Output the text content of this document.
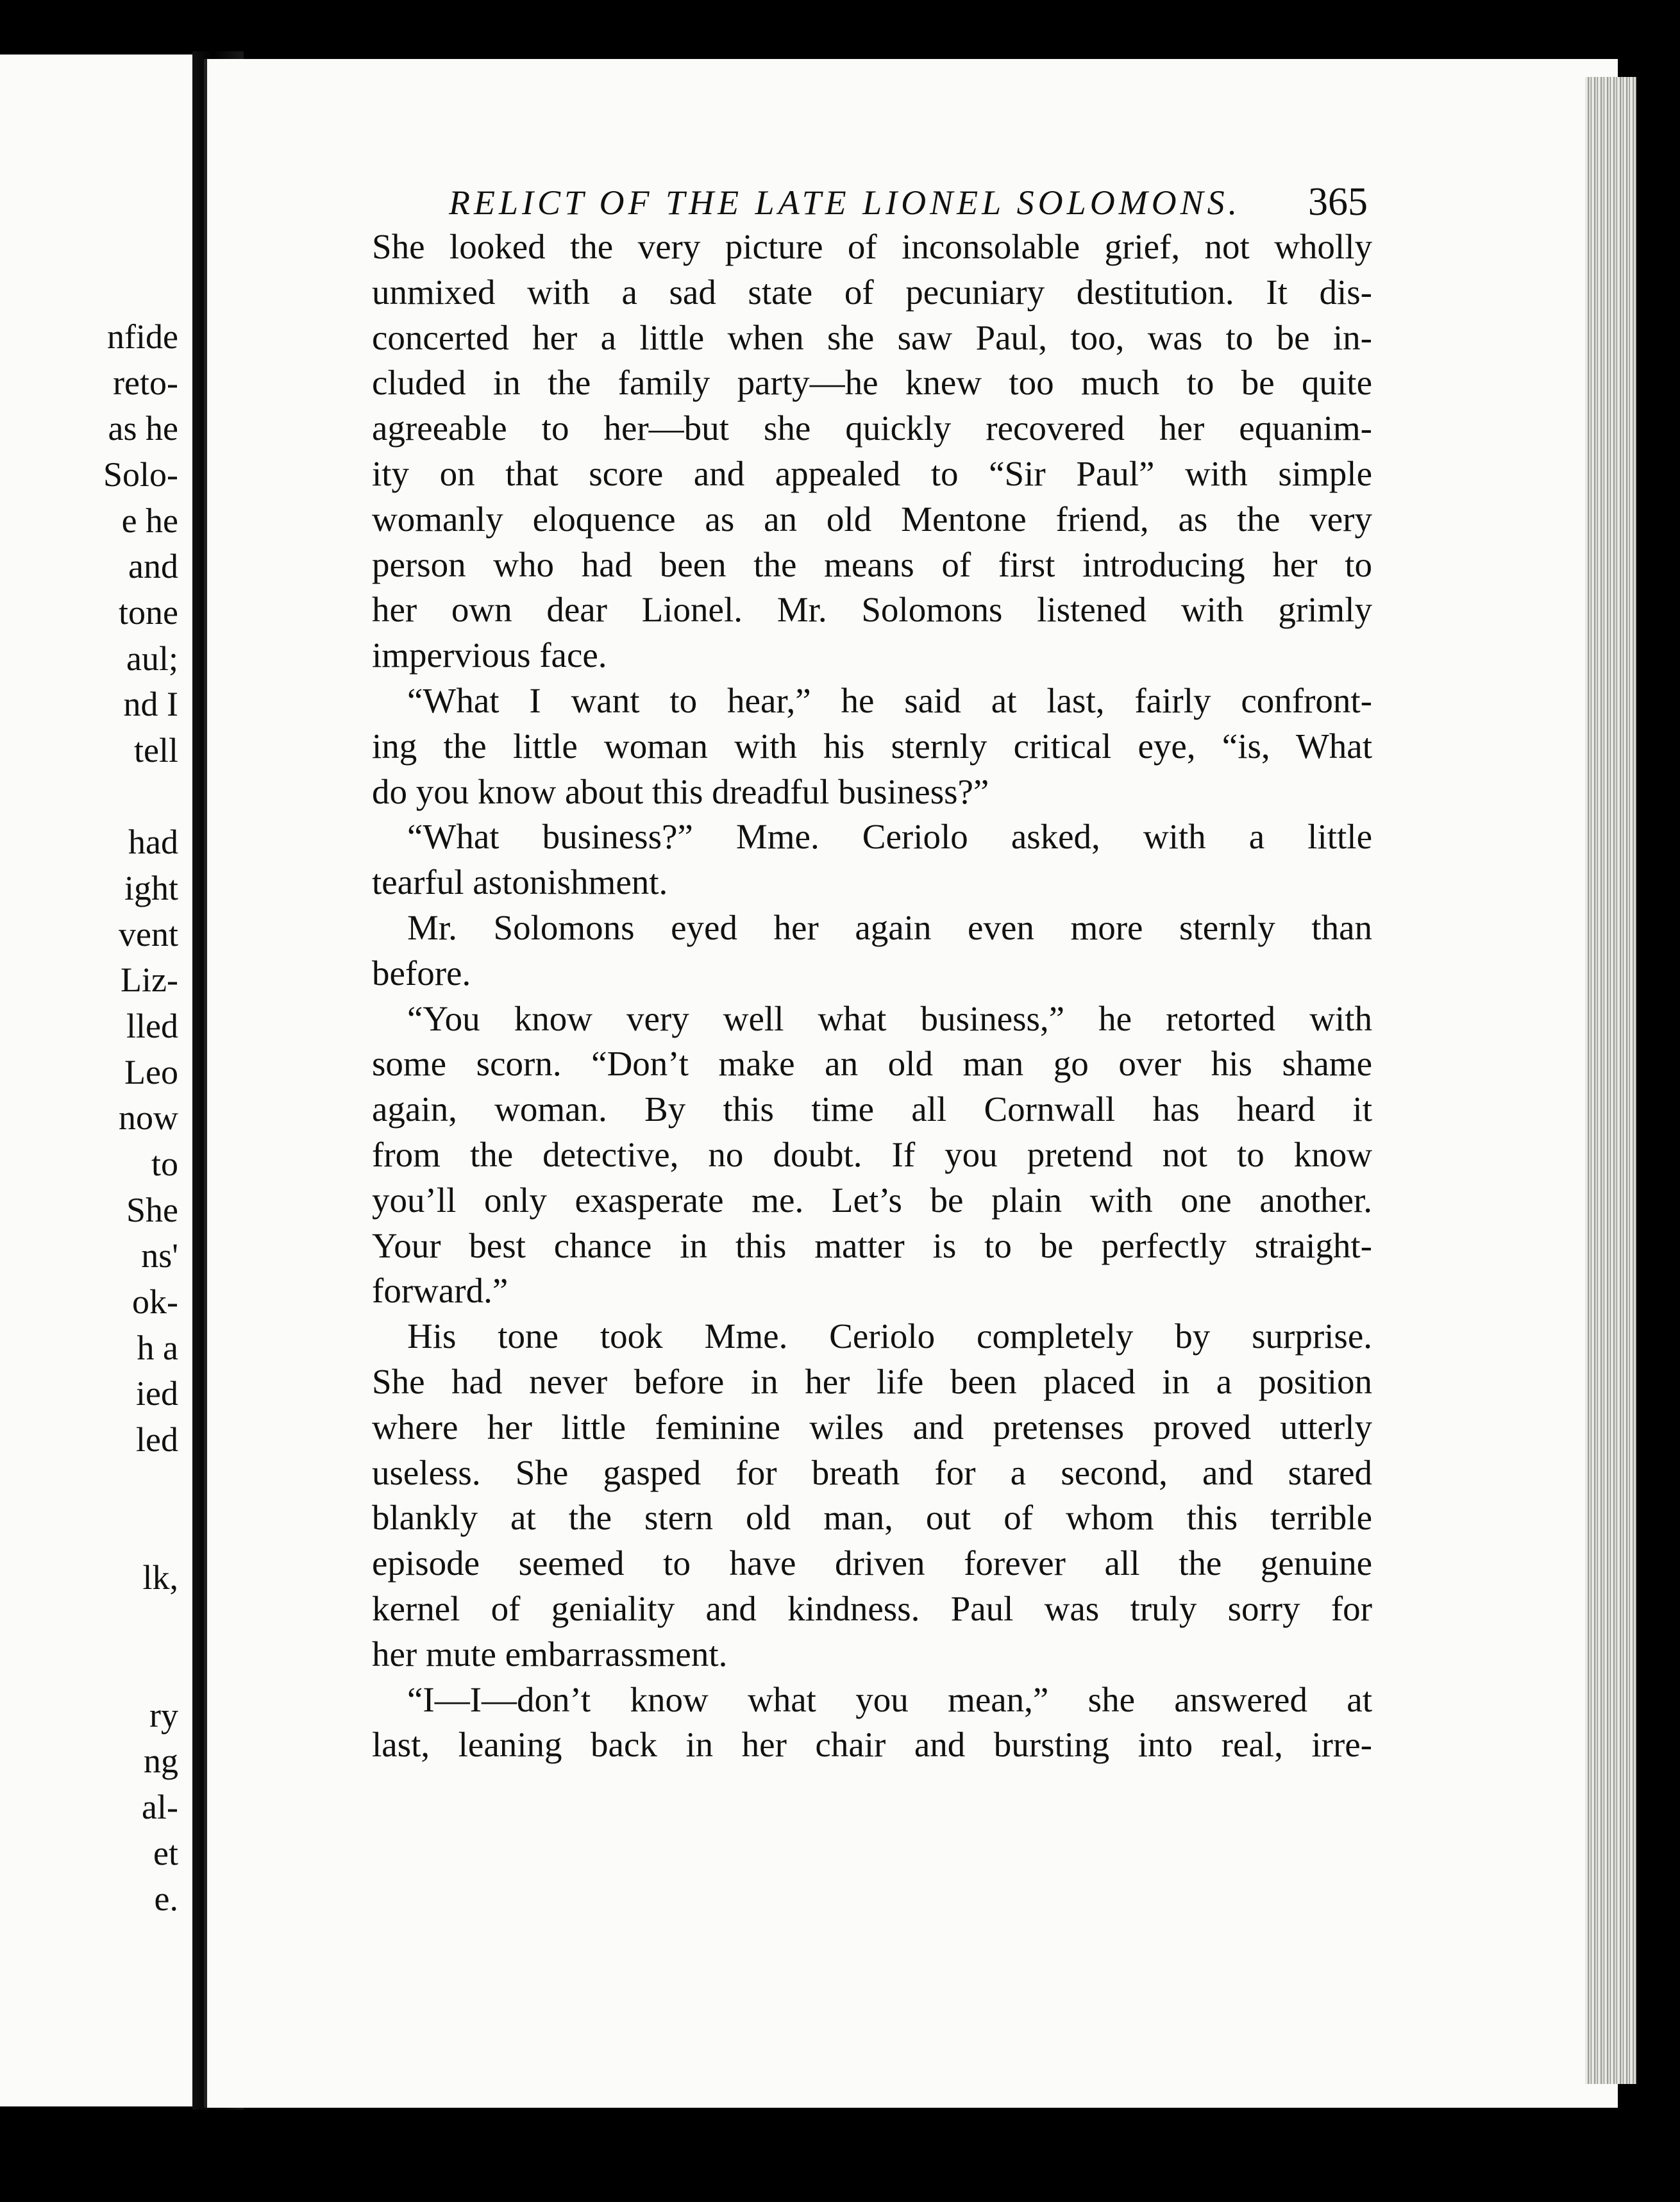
nfide
reto-
as he
Solo-
e he
and
tone
aul;
nd I
tell
had
ight
vent
Liz-
lled
Leo
now
to
She
ns'
ok-
h a
ied
led
lk,
ry
ng
al-
et
e.
RELICT OF THE LATE LIONEL SOLOMONS.	365
She looked the very picture of inconsolable grief, not wholly
unmixed with a sad state of pecuniary destitution. It dis-
concerted her a little when she saw Paul, too, was to be in-
cluded in the family party—he knew too much to be quite
agreeable to her—but she quickly recovered her equanim-
ity on that score and appealed to “Sir Paul” with simple
womanly eloquence as an old Mentone friend, as the very
person who had been the means of first introducing her to
her own dear Lionel. Mr. Solomons listened with grimly
impervious face.
“What I want to hear,” he said at last, fairly confront-
ing the little woman with his sternly critical eye, “is, What
do you know about this dreadful business?”
“What business?” Mme. Ceriolo asked, with a little
tearful astonishment.
Mr. Solomons eyed her again even more sternly than
before.
“You know very well what business,” he retorted with
some scorn. “Don’t make an old man go over his shame
again, woman. By this time all Cornwall has heard it
from the detective, no doubt. If you pretend not to know
you’ll only exasperate me. Let’s be plain with one another.
Your best chance in this matter is to be perfectly straight-
forward.”
His tone took Mme. Ceriolo completely by surprise.
She had never before in her life been placed in a position
where her little feminine wiles and pretenses proved utterly
useless. She gasped for breath for a second, and stared
blankly at the stern old man, out of whom this terrible
episode seemed to have driven forever all the genuine
kernel of geniality and kindness. Paul was truly sorry for
her mute embarrassment.
“I—I—don’t know what you mean,” she answered at
last, leaning back in her chair and bursting into real, irre-
